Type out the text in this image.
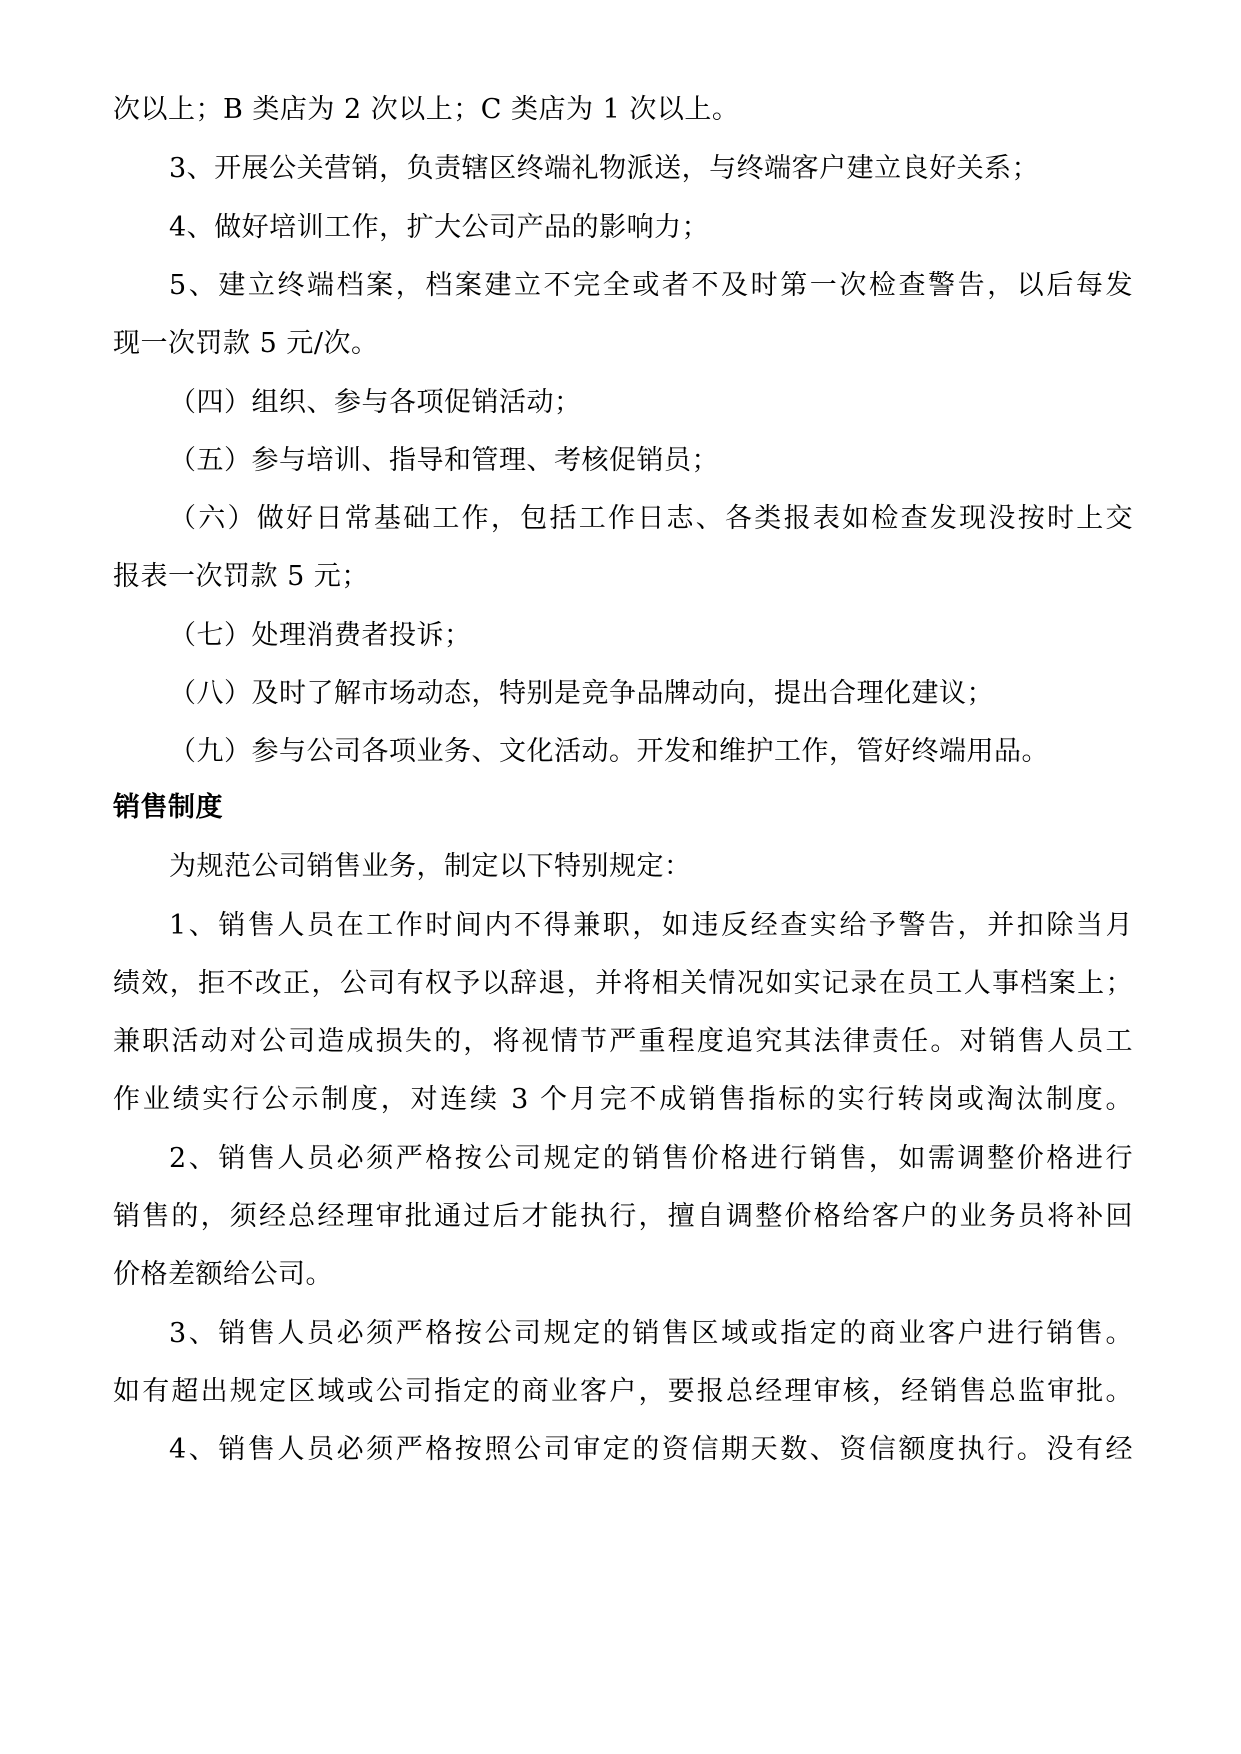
次以上；B 类店为 2 次以上；C 类店为 1 次以上。
3、开展公关营销，负责辖区终端礼物派送，与终端客户建立良好关系；
4、做好培训工作，扩大公司产品的影响力；
5、建立终端档案，档案建立不完全或者不及时第一次检查警告，以后每发
现一次罚款 5 元/次。
（四）组织、参与各项促销活动；
（五）参与培训、指导和管理、考核促销员；
（六）做好日常基础工作，包括工作日志、各类报表如检查发现没按时上交
报表一次罚款 5 元；
（七）处理消费者投诉；
（八）及时了解市场动态，特别是竞争品牌动向，提出合理化建议；
（九）参与公司各项业务、文化活动。开发和维护工作，管好终端用品。
销售制度
为规范公司销售业务，制定以下特别规定：
1、销售人员在工作时间内不得兼职，如违反经查实给予警告，并扣除当月
绩效，拒不改正，公司有权予以辞退，并将相关情况如实记录在员工人事档案上；
兼职活动对公司造成损失的，将视情节严重程度追究其法律责任。对销售人员工
作业绩实行公示制度，对连续 3 个月完不成销售指标的实行转岗或淘汰制度。
2、销售人员必须严格按公司规定的销售价格进行销售，如需调整价格进行
销售的，须经总经理审批通过后才能执行，擅自调整价格给客户的业务员将补回
价格差额给公司。
3、销售人员必须严格按公司规定的销售区域或指定的商业客户进行销售。
如有超出规定区域或公司指定的商业客户，要报总经理审核，经销售总监审批。
4、销售人员必须严格按照公司审定的资信期天数、资信额度执行。没有经
